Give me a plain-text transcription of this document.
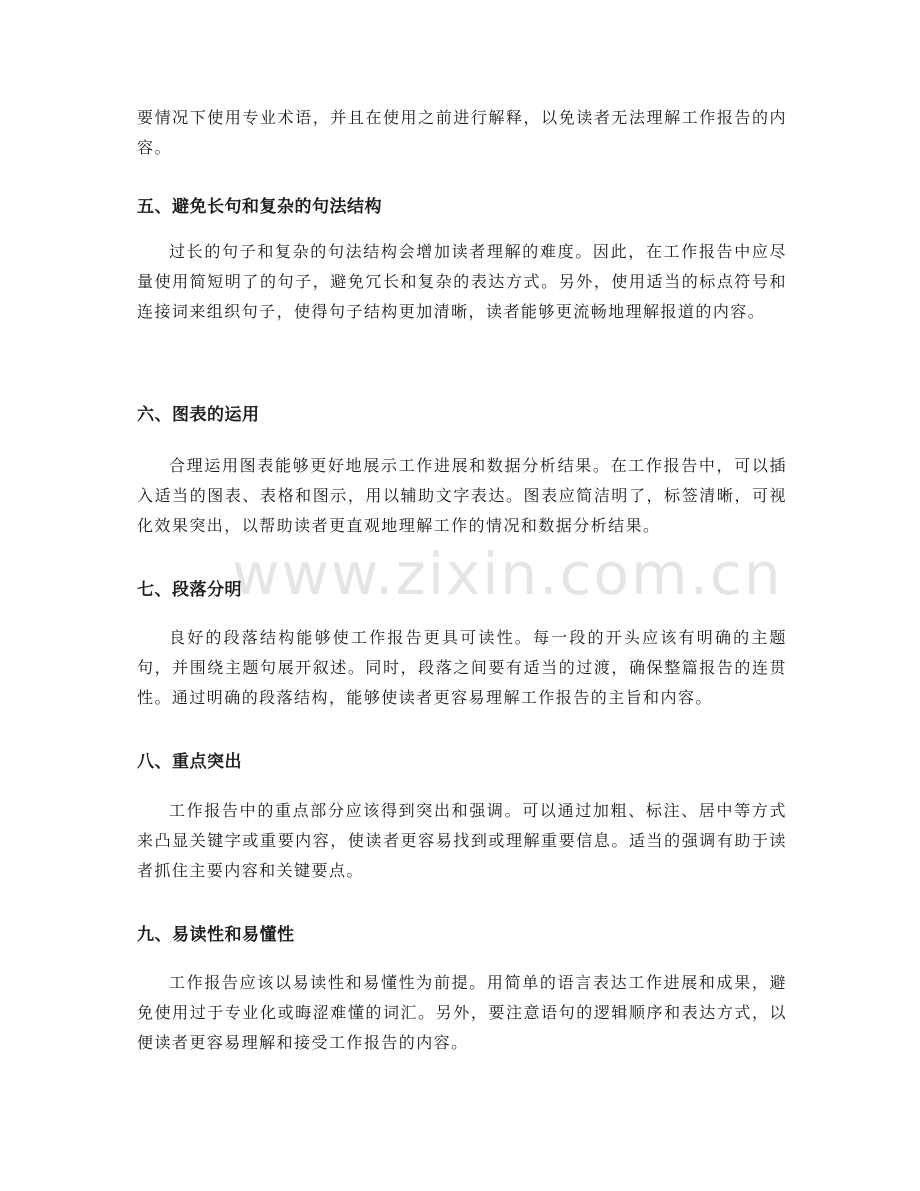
要情况下使用专业术语，并且在使用之前进行解释，以免读者无法理解工作报告的内容。

五、避免长句和复杂的句法结构

过长的句子和复杂的句法结构会增加读者理解的难度。因此，在工作报告中应尽量使用简短明了的句子，避免冗长和复杂的表达方式。另外，使用适当的标点符号和连接词来组织句子，使得句子结构更加清晰，读者能够更流畅地理解报道的内容。

六、图表的运用

合理运用图表能够更好地展示工作进展和数据分析结果。在工作报告中，可以插入适当的图表、表格和图示，用以辅助文字表达。图表应简洁明了，标签清晰，可视化效果突出，以帮助读者更直观地理解工作的情况和数据分析结果。

七、段落分明

良好的段落结构能够使工作报告更具可读性。每一段的开头应该有明确的主题句，并围绕主题句展开叙述。同时，段落之间要有适当的过渡，确保整篇报告的连贯性。通过明确的段落结构，能够使读者更容易理解工作报告的主旨和内容。

八、重点突出

工作报告中的重点部分应该得到突出和强调。可以通过加粗、标注、居中等方式来凸显关键字或重要内容，使读者更容易找到或理解重要信息。适当的强调有助于读者抓住主要内容和关键要点。

九、易读性和易懂性

工作报告应该以易读性和易懂性为前提。用简单的语言表达工作进展和成果，避免使用过于专业化或晦涩难懂的词汇。另外，要注意语句的逻辑顺序和表达方式，以便读者更容易理解和接受工作报告的内容。

www.zixin.com.cn
